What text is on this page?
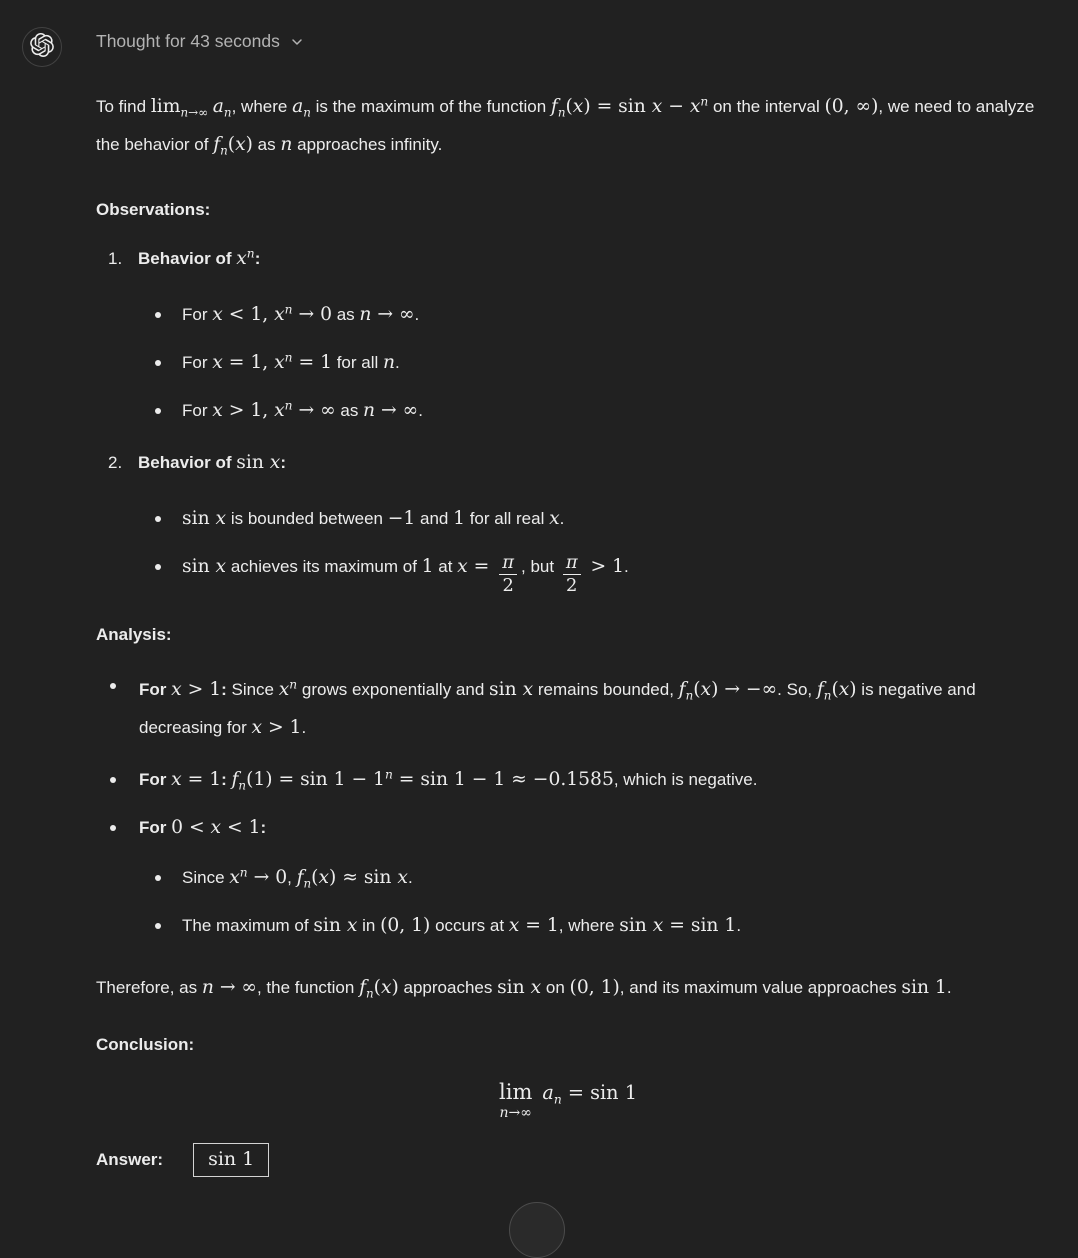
Thought for 43 seconds
To find $\lim_{n\to\infty} a_n$, where $a_n$ is the maximum of the function $f_n(x) = \sin x - x^n$ on the interval (0, ∞), we need to analyze the behavior of $f_n(x)$ as n approaches infinity.
Observations:
1. Behavior of $x^n$:
For x < 1, $x^n \to 0$ as n → ∞.
For x = 1, $x^n = 1$ for all n.
For x > 1, $x^n$ → ∞ as n → ∞.
2. Behavior of sin x:
sin x is bounded between −1 and 1 for all real x.
sin x achieves its maximum of 1 at $x = \frac{\pi}{2}$ , but $\frac{\pi}{2} > 1$.
Analysis:
For x > 1: Since $x^n$ grows exponentially and sin x remains bounded, $f_n(x)$ → −∞. So, $f_n(x)$ is negative and decreasing for x > 1.
For x = 1: $f_n(1) = \sin 1 - 1^n = \sin 1 - 1 \approx -0.1585$, which is negative.
For 0 < x < 1:
Since $x^n \to 0$, $f_n(x) \approx \sin x$.
The maximum of sin x in (0, 1) occurs at x = 1, where sin x = sin 1.
Therefore, as n → ∞, the function $f_n(x)$ approaches sin x on (0, 1), and its maximum value approaches sin 1.
Conclusion:
lim
n→∞
$a_n = \sin 1$
Answer: sin 1
